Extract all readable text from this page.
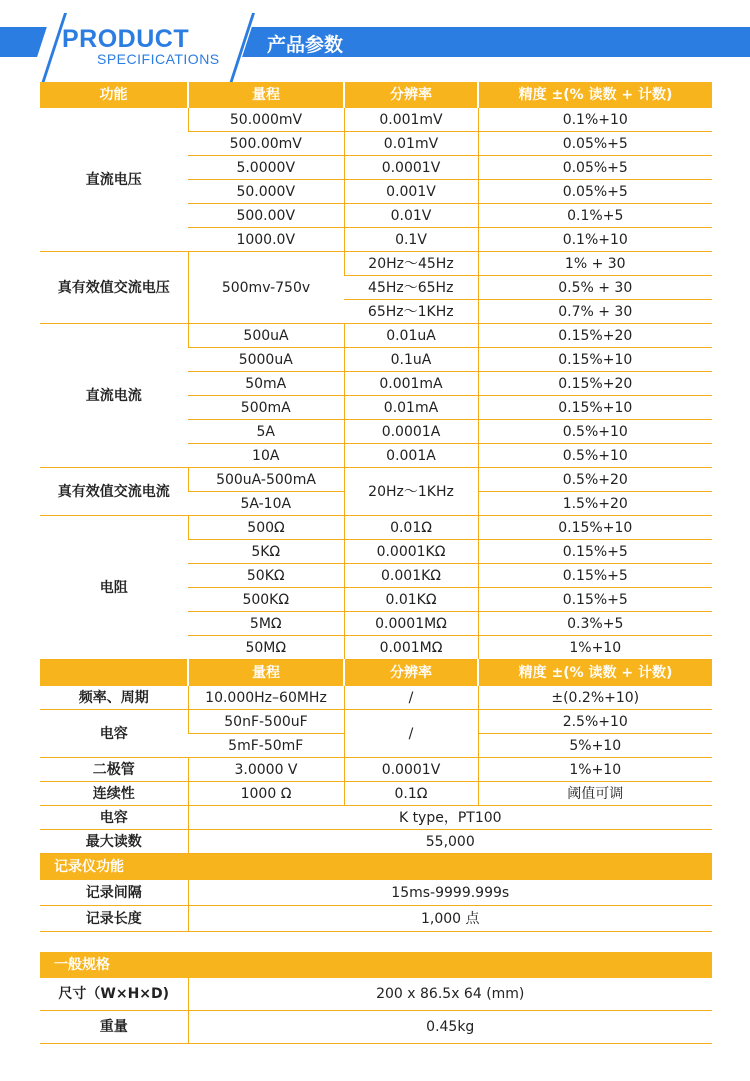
PRODUCT
SPECIFICATIONS
产品参数
功能	量程	分辨率	精度 ±(% 读数 + 计数)
直流电压	50.000mV	0.001mV	0.1%+10
	500.00mV	0.01mV	0.05%+5
	5.0000V	0.0001V	0.05%+5
	50.000V	0.001V	0.05%+5
	500.00V	0.01V	0.1%+5
	1000.0V	0.1V	0.1%+10
真有效值交流电压	500mv-750v	20Hz～45Hz	1% + 30
		45Hz～65Hz	0.5% + 30
		65Hz～1KHz	0.7% + 30
直流电流	500uA	0.01uA	0.15%+20
	5000uA	0.1uA	0.15%+10
	50mA	0.001mA	0.15%+20
	500mA	0.01mA	0.15%+10
	5A	0.0001A	0.5%+10
	10A	0.001A	0.5%+10
真有效值交流电流	500uA-500mA	20Hz～1KHz	0.5%+20
	5A-10A		1.5%+20
电阻	500Ω	0.01Ω	0.15%+10
	5KΩ	0.0001KΩ	0.15%+5
	50KΩ	0.001KΩ	0.15%+5
	500KΩ	0.01KΩ	0.15%+5
	5MΩ	0.0001MΩ	0.3%+5
	50MΩ	0.001MΩ	1%+10
	量程	分辨率	精度 ±(% 读数 + 计数)
频率、周期	10.000Hz–60MHz	/	±(0.2%+10)
电容	50nF-500uF	/	2.5%+10
	5mF-50mF		5%+10
二极管	3.0000 V	0.0001V	1%+10
连续性	1000 Ω	0.1Ω	阈值可调
电容	K type，PT100		
最大读数	55,000		
记录仪功能			
记录间隔	15ms-9999.999s		
记录长度	1,000 点		

一般规格			
尺寸（W×H×D)	200 x 86.5x 64 (mm)		
重量	0.45kg		
